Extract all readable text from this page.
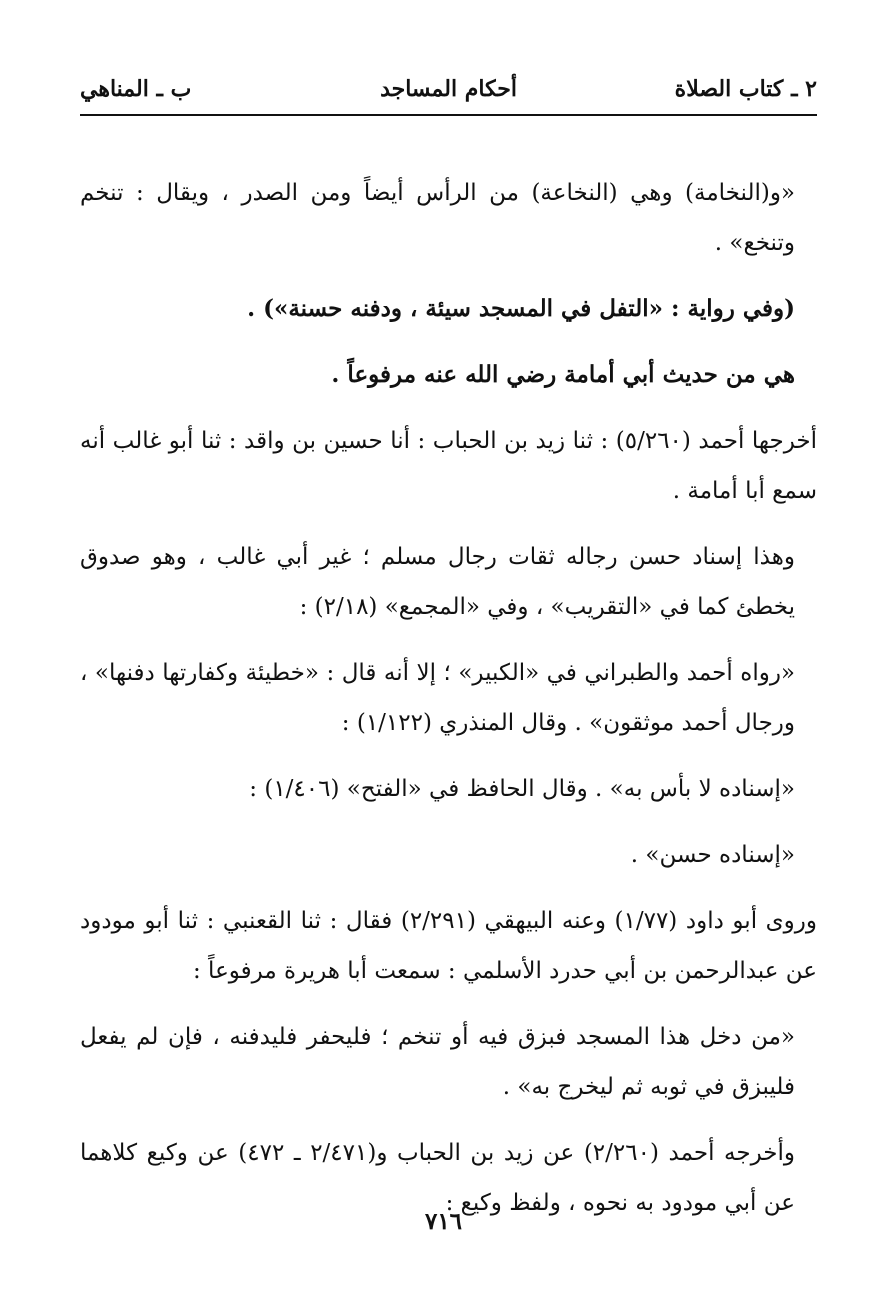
٢ ـ كتاب الصلاة
أحكام المساجد
ب ـ المناهي

«و(النخامة) وهي (النخاعة) من الرأس أيضاً ومن الصدر ، ويقال : تنخم وتنخع» .

(وفي رواية : «التفل في المسجد سيئة ، ودفنه حسنة») .

هي من حديث أبي أمامة رضي الله عنه مرفوعاً .

أخرجها أحمد (٥/٢٦٠) : ثنا زيد بن الحباب : أنا حسين بن واقد : ثنا أبو غالب أنه سمع أبا أمامة .

وهذا إسناد حسن رجاله ثقات رجال مسلم ؛ غير أبي غالب ، وهو صدوق يخطئ كما في «التقريب» ، وفي «المجمع» (٢/١٨) :

«رواه أحمد والطبراني في «الكبير» ؛ إلا أنه قال : «خطيئة وكفارتها دفنها» ، ورجال أحمد موثقون» . وقال المنذري (١/١٢٢) :

«إسناده لا بأس به» . وقال الحافظ في «الفتح» (١/٤٠٦) :

«إسناده حسن» .

وروى أبو داود (١/٧٧) وعنه البيهقي (٢/٢٩١) فقال : ثنا القعنبي : ثنا أبو مودود عن عبدالرحمن بن أبي حدرد الأسلمي : سمعت أبا هريرة مرفوعاً :

«من دخل هذا المسجد فبزق فيه أو تنخم ؛ فليحفر فليدفنه ، فإن لم يفعل فليبزق في ثوبه ثم ليخرج به» .

وأخرجه أحمد (٢/٢٦٠) عن زيد بن الحباب و(٢/٤٧١ ـ ٤٧٢) عن وكيع كلاهما عن أبي مودود به نحوه ، ولفظ وكيع :

٧١٦
